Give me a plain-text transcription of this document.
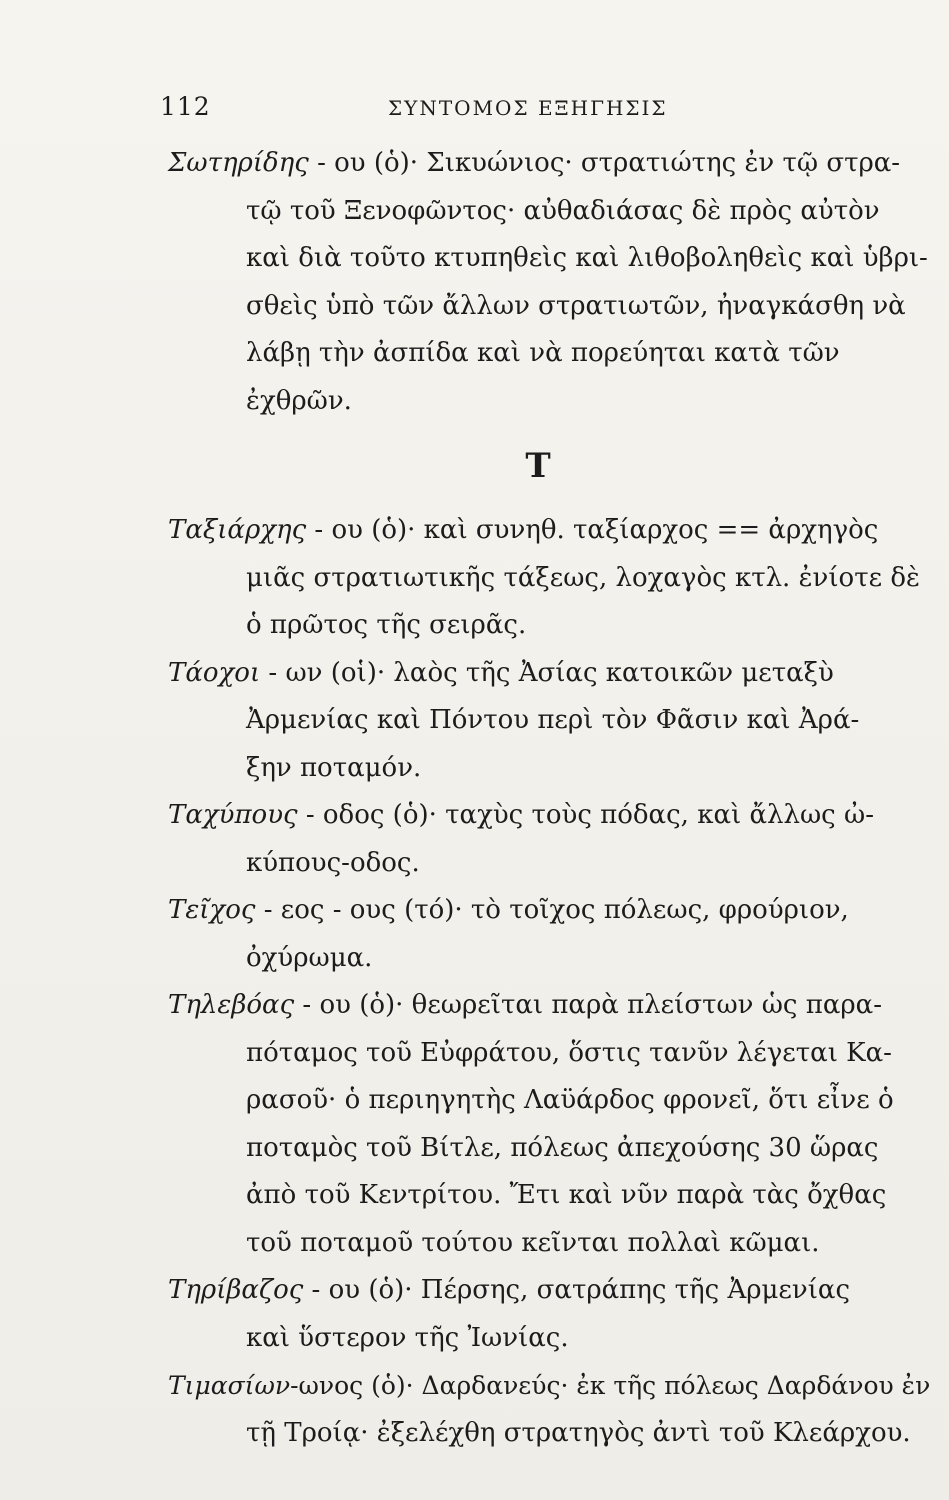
112	ΣΥΝΤΟΜΟΣ ΕΞΗΓΗΣΙΣ
Σωτηρίδης - ου (ὁ)· Σικυώνιος· στρατιώτης ἐν τῷ στρα-
τῷ τοῦ Ξενοφῶντος· αὐθαδιάσας δὲ πρὸς αὐτὸν
καὶ διὰ τοῦτο κτυπηθεὶς καὶ λιθοβοληθεὶς καὶ ὑβρι-
σθεὶς ὑπὸ τῶν ἄλλων στρατιωτῶν, ἠναγκάσθη νὰ
λάβῃ τὴν ἀσπίδα καὶ νὰ πορεύηται κατὰ τῶν
ἐχθρῶν.
Τ
Ταξιάρχης - ου (ὁ)· καὶ συνηθ. ταξίαρχος == ἀρχηγὸς
μιᾶς στρατιωτικῆς τάξεως, λοχαγὸς κτλ. ἐνίοτε δὲ
ὁ πρῶτος τῆς σειρᾶς.
Τάοχοι - ων (οἱ)· λαὸς τῆς Ἀσίας κατοικῶν μεταξὺ
Ἀρμενίας καὶ Πόντου περὶ τὸν Φᾶσιν καὶ Ἀρά-
ξην ποταμόν.
Ταχύπους - οδος (ὁ)· ταχὺς τοὺς πόδας, καὶ ἄλλως ὠ-
κύπους-οδος.
Τεῖχος - εος - ους (τό)· τὸ τοῖχος πόλεως, φρούριον,
ὀχύρωμα.
Τηλεβόας - ου (ὁ)· θεωρεῖται παρὰ πλείστων ὡς παρα-
πόταμος τοῦ Εὐφράτου, ὅστις τανῦν λέγεται Κα-
ρασοῦ· ὁ περιηγητὴς Λαϋάρδος φρονεῖ, ὅτι εἶνε ὁ
ποταμὸς τοῦ Βίτλε, πόλεως ἀπεχούσης 30 ὥρας
ἀπὸ τοῦ Κεντρίτου. Ἔτι καὶ νῦν παρὰ τὰς ὄχθας
τοῦ ποταμοῦ τούτου κεῖνται πολλαὶ κῶμαι.
Τηρίβαζος - ου (ὁ)· Πέρσης, σατράπης τῆς Ἀρμενίας
καὶ ὕστερον τῆς Ἰωνίας.
Τιμασίων-ωνος (ὁ)· Δαρδανεύς· ἐκ τῆς πόλεως Δαρδάνου ἐν
τῇ Τροίᾳ· ἐξελέχθη στρατηγὸς ἀντὶ τοῦ Κλεάρχου.
